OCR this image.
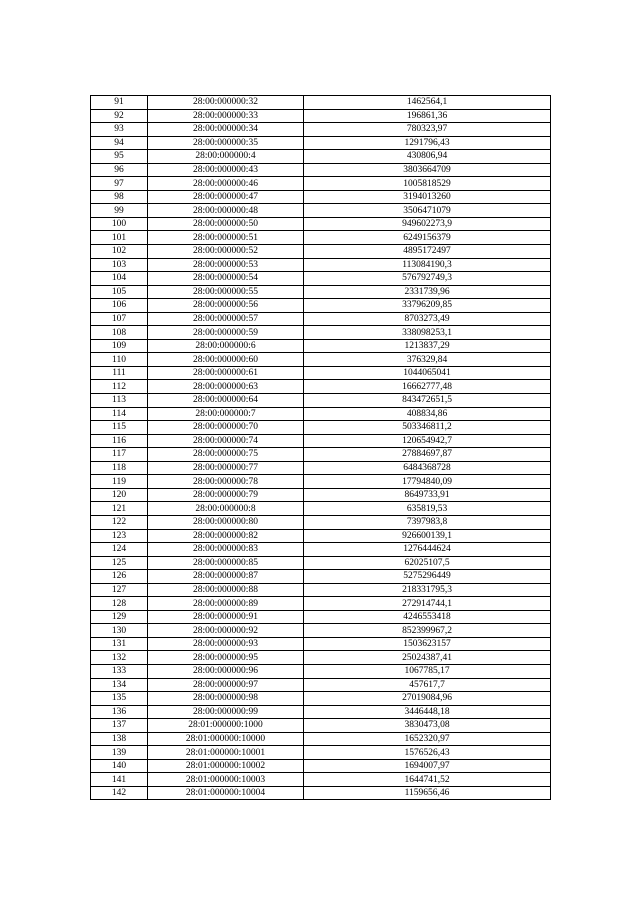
91	28:00:000000:32	1462564,1
92	28:00:000000:33	196861,36
93	28:00:000000:34	780323,97
94	28:00:000000:35	1291796,43
95	28:00:000000:4	430806,94
96	28:00:000000:43	3803664709
97	28:00:000000:46	1005818529
98	28:00:000000:47	3194013260
99	28:00:000000:48	3506471079
100	28:00:000000:50	949602273,9
101	28:00:000000:51	6249156379
102	28:00:000000:52	4895172497
103	28:00:000000:53	113084190,3
104	28:00:000000:54	576792749,3
105	28:00:000000:55	2331739,96
106	28:00:000000:56	33796209,85
107	28:00:000000:57	8703273,49
108	28:00:000000:59	338098253,1
109	28:00:000000:6	1213837,29
110	28:00:000000:60	376329,84
111	28:00:000000:61	1044065041
112	28:00:000000:63	16662777,48
113	28:00:000000:64	843472651,5
114	28:00:000000:7	408834,86
115	28:00:000000:70	503346811,2
116	28:00:000000:74	120654942,7
117	28:00:000000:75	27884697,87
118	28:00:000000:77	6484368728
119	28:00:000000:78	17794840,09
120	28:00:000000:79	8649733,91
121	28:00:000000:8	635819,53
122	28:00:000000:80	7397983,8
123	28:00:000000:82	926600139,1
124	28:00:000000:83	1276444624
125	28:00:000000:85	62025107,5
126	28:00:000000:87	5275296449
127	28:00:000000:88	218331795,3
128	28:00:000000:89	272914744,1
129	28:00:000000:91	4246553418
130	28:00:000000:92	852399967,2
131	28:00:000000:93	1503623157
132	28:00:000000:95	25024387,41
133	28:00:000000:96	1067785,17
134	28:00:000000:97	457617,7
135	28:00:000000:98	27019084,96
136	28:00:000000:99	3446448,18
137	28:01:000000:1000	3830473,08
138	28:01:000000:10000	1652320,97
139	28:01:000000:10001	1576526,43
140	28:01:000000:10002	1694007,97
141	28:01:000000:10003	1644741,52
142	28:01:000000:10004	1159656,46
